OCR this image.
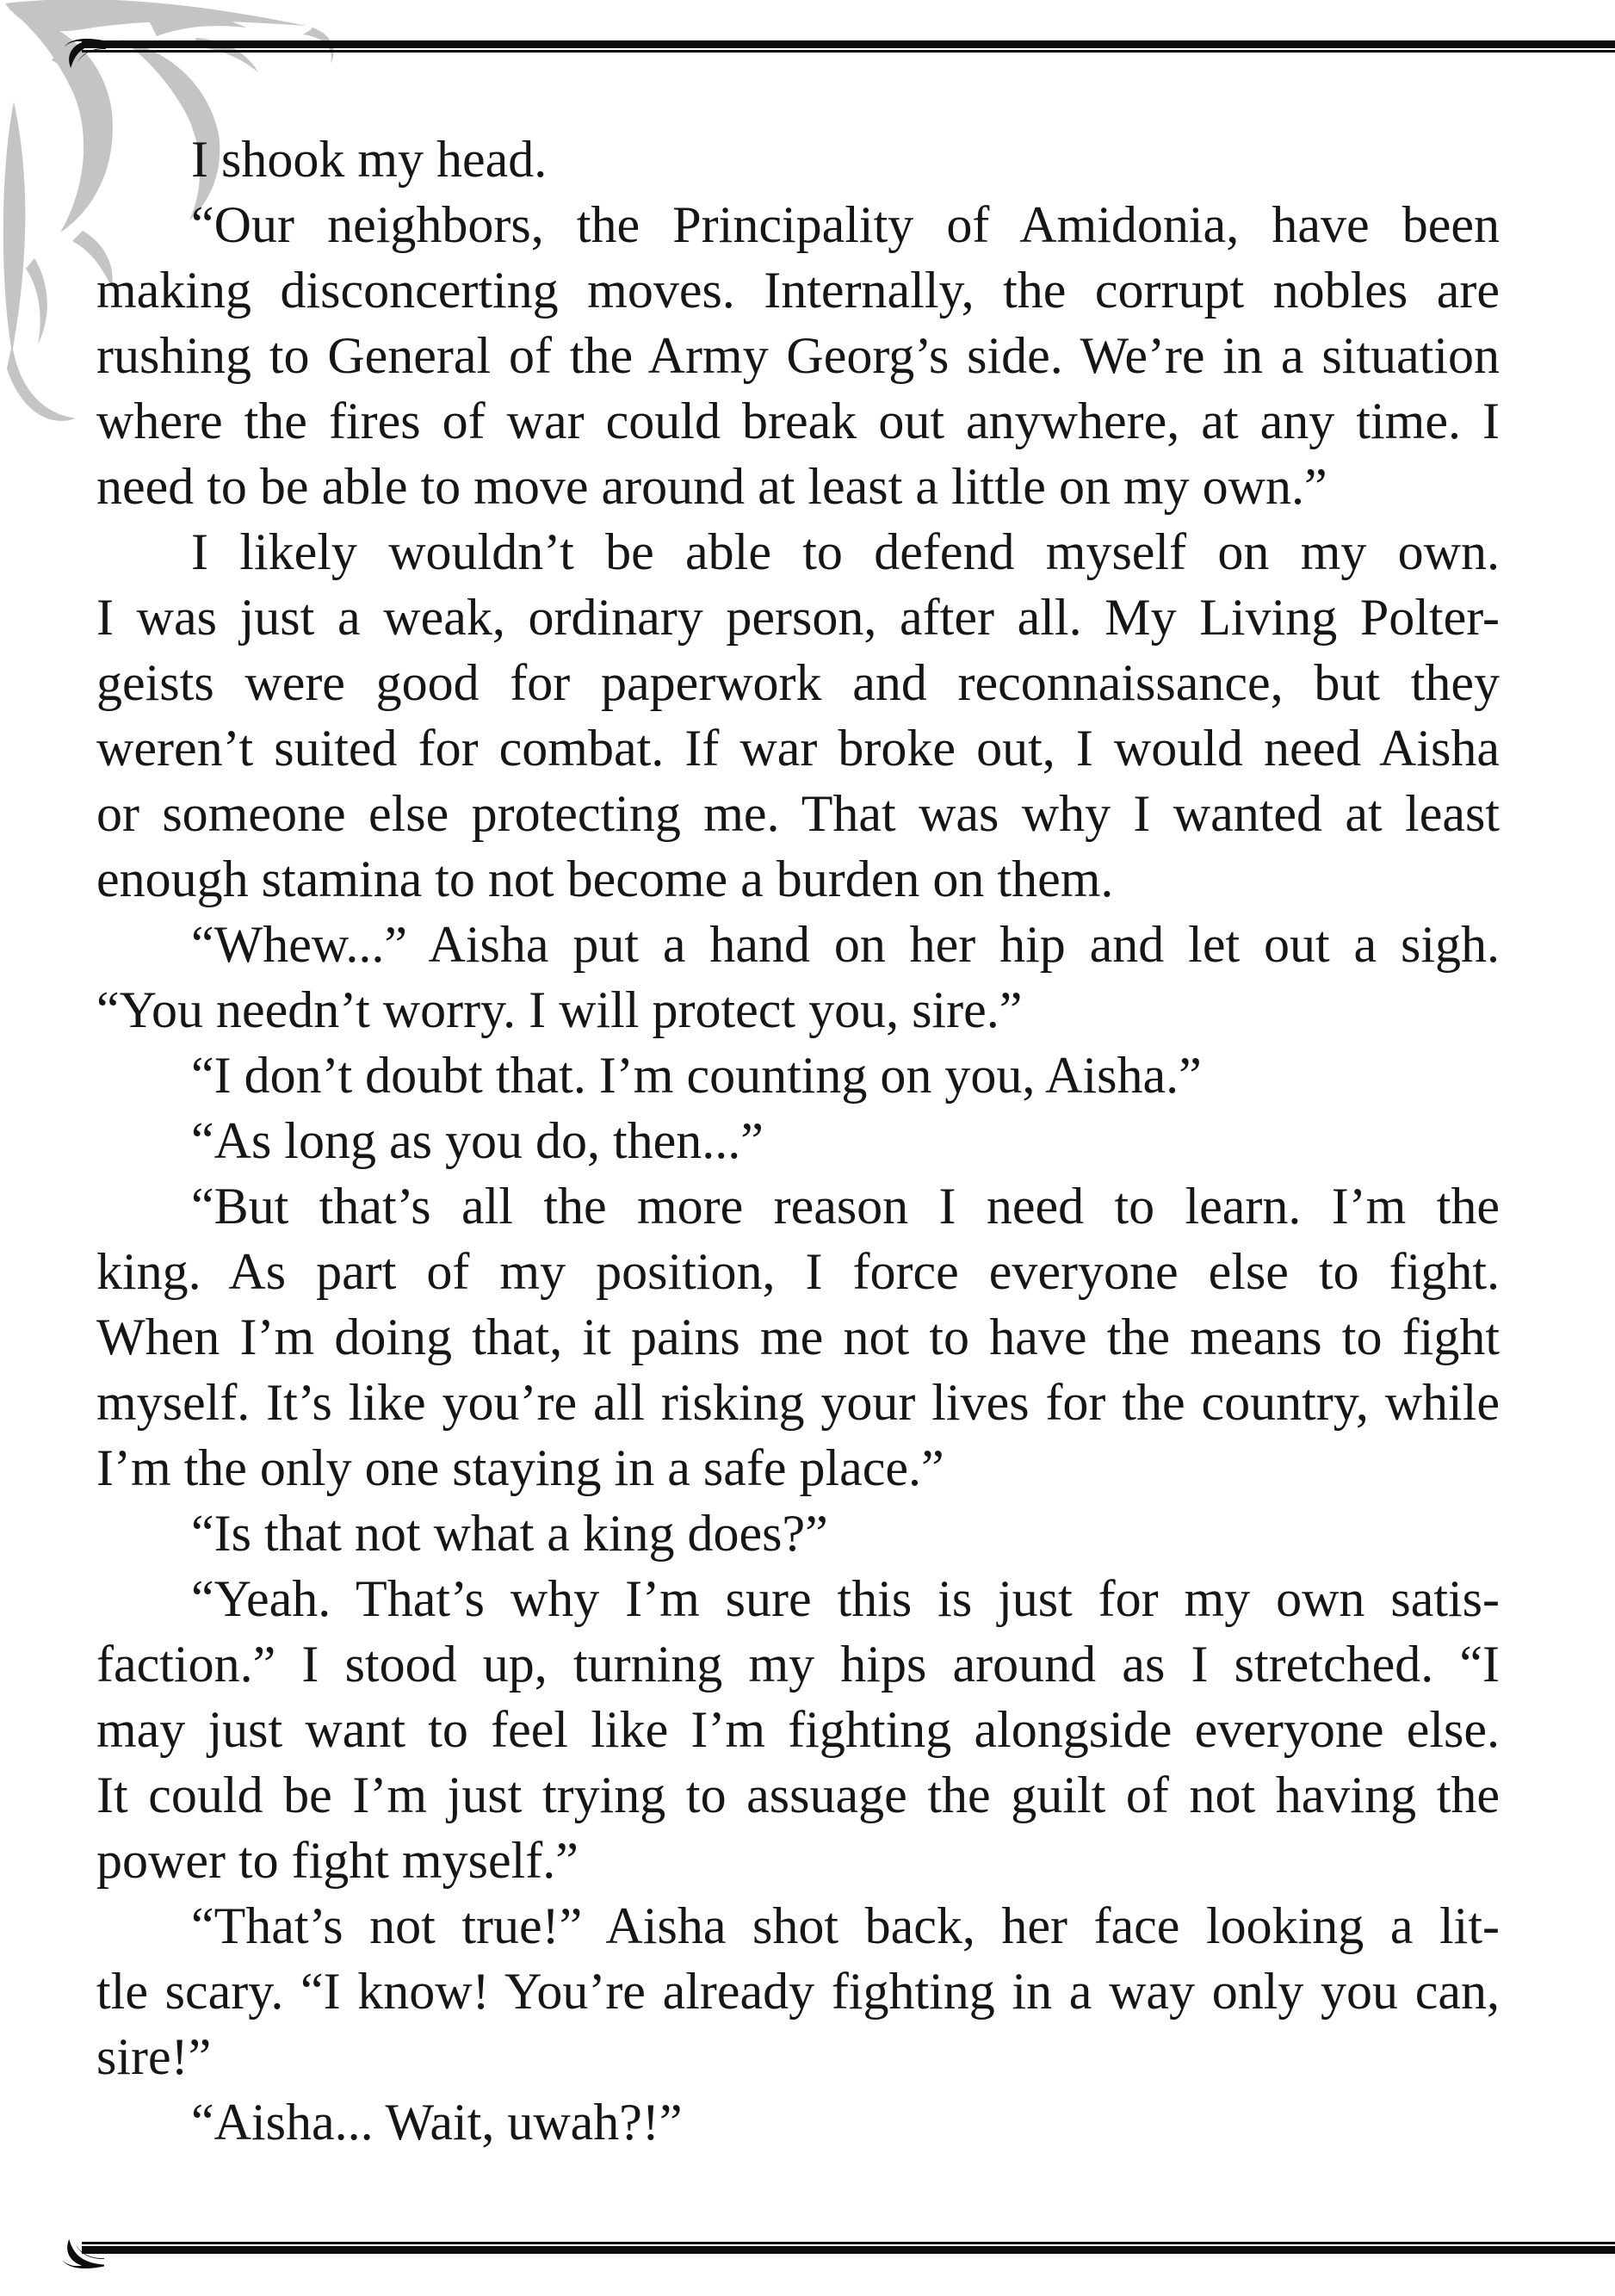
I shook my head.
“Our neighbors, the Principality of Amidonia, have been
making disconcerting moves. Internally, the corrupt nobles are
rushing to General of the Army Georg’s side. We’re in a situation
where the fires of war could break out anywhere, at any time. I
need to be able to move around at least a little on my own.”
I likely wouldn’t be able to defend myself on my own.
I was just a weak, ordinary person, after all. My Living Polter-
geists were good for paperwork and reconnaissance, but they
weren’t suited for combat. If war broke out, I would need Aisha
or someone else protecting me. That was why I wanted at least
enough stamina to not become a burden on them.
“Whew...” Aisha put a hand on her hip and let out a sigh.
“You needn’t worry. I will protect you, sire.”
“I don’t doubt that. I’m counting on you, Aisha.”
“As long as you do, then...”
“But that’s all the more reason I need to learn. I’m the
king. As part of my position, I force everyone else to fight.
When I’m doing that, it pains me not to have the means to fight
myself. It’s like you’re all risking your lives for the country, while
I’m the only one staying in a safe place.”
“Is that not what a king does?”
“Yeah. That’s why I’m sure this is just for my own satis-
faction.” I stood up, turning my hips around as I stretched. “I
may just want to feel like I’m fighting alongside everyone else.
It could be I’m just trying to assuage the guilt of not having the
power to fight myself.”
“That’s not true!” Aisha shot back, her face looking a lit-
tle scary. “I know! You’re already fighting in a way only you can,
sire!”
“Aisha... Wait, uwah?!”
